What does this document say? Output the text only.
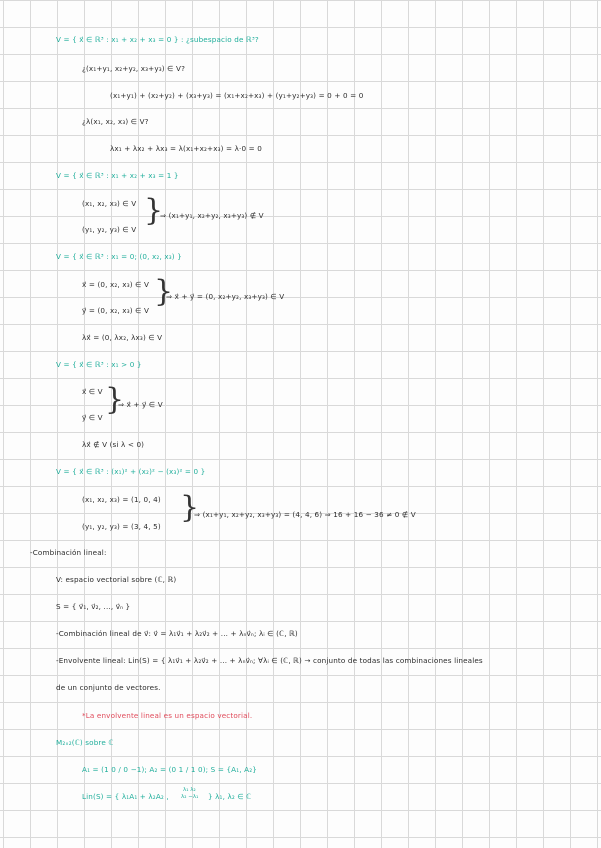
V = { x⃗ ∈ ℝ³ : x₁ + x₂ + x₃ = 0 } : ¿subespacio de ℝ³?
¿(x₁+y₁, x₂+y₂, x₃+y₃) ∈ V?
(x₁+y₁) + (x₂+y₂) + (x₃+y₃) = (x₁+x₂+x₃) + (y₁+y₂+y₃) = 0 + 0 = 0
¿λ(x₁, x₂, x₃) ∈ V?
λx₁ + λx₂ + λx₃ = λ(x₁+x₂+x₃) = λ·0 = 0
V = { x⃗ ∈ ℝ³ : x₁ + x₂ + x₃ = 1 }
(x₁, x₂, x₃) ∈ V
(y₁, y₂, y₃) ∈ V
}
⇒ (x₁+y₁, x₂+y₂, x₃+y₃) ∉ V
V = { x⃗ ∈ ℝ³ : x₁ = 0; (0, x₂, x₃) }
x⃗ = (0, x₂, x₃) ∈ V
y⃗ = (0, x₂, x₃) ∈ V
}
⇒ x⃗ + y⃗ = (0, x₂+y₂, x₃+y₃) ∈ V
λx⃗ = (0, λx₂, λx₃) ∈ V
V = { x⃗ ∈ ℝ³ : x₁ > 0 }
x⃗ ∈ V
y⃗ ∈ V
}
⇒ x⃗ + y⃗ ∈ V
λx⃗ ∉ V (si λ < 0)
V = { x⃗ ∈ ℝ³ : (x₁)² + (x₂)² − (x₃)² = 0 }
(x₁, x₂, x₃) = (1, 0, 4)
(y₁, y₂, y₃) = (3, 4, 5)
}
⇒ (x₁+y₁, x₂+y₂, x₃+y₃) = (4, 4, 6) ⇒ 16 + 16 − 36 ≠ 0 ∉ V
-Combinación lineal:
V: espacio vectorial sobre (ℂ, ℝ)
S = { v⃗₁, v⃗₂, ..., v⃗ₙ }
-Combinación lineal de v⃗: v⃗ = λ₁v⃗₁ + λ₂v⃗₂ + ... + λₙv⃗ₙ; λᵢ ∈ (ℂ, ℝ)
-Envolvente lineal: Lin(S) = { λ₁v⃗₁ + λ₂v⃗₂ + ... + λₙv⃗ₙ; ∀λᵢ ∈ (ℂ, ℝ) → conjunto de todas las combinaciones lineales
de un conjunto de vectores.
*La envolvente lineal es un espacio vectorial.
M₂ₓ₂(ℂ) sobre ℂ
A₁ = (1 0 / 0 −1); A₂ = (0 1 / 1 0); S = {A₁, A₂}
Lin(S) = { λ₁A₁ + λ₂A₂ ,
λ₁ λ₂
λ₂ −λ₁ } λ₁, λ₂ ∈ ℂ
